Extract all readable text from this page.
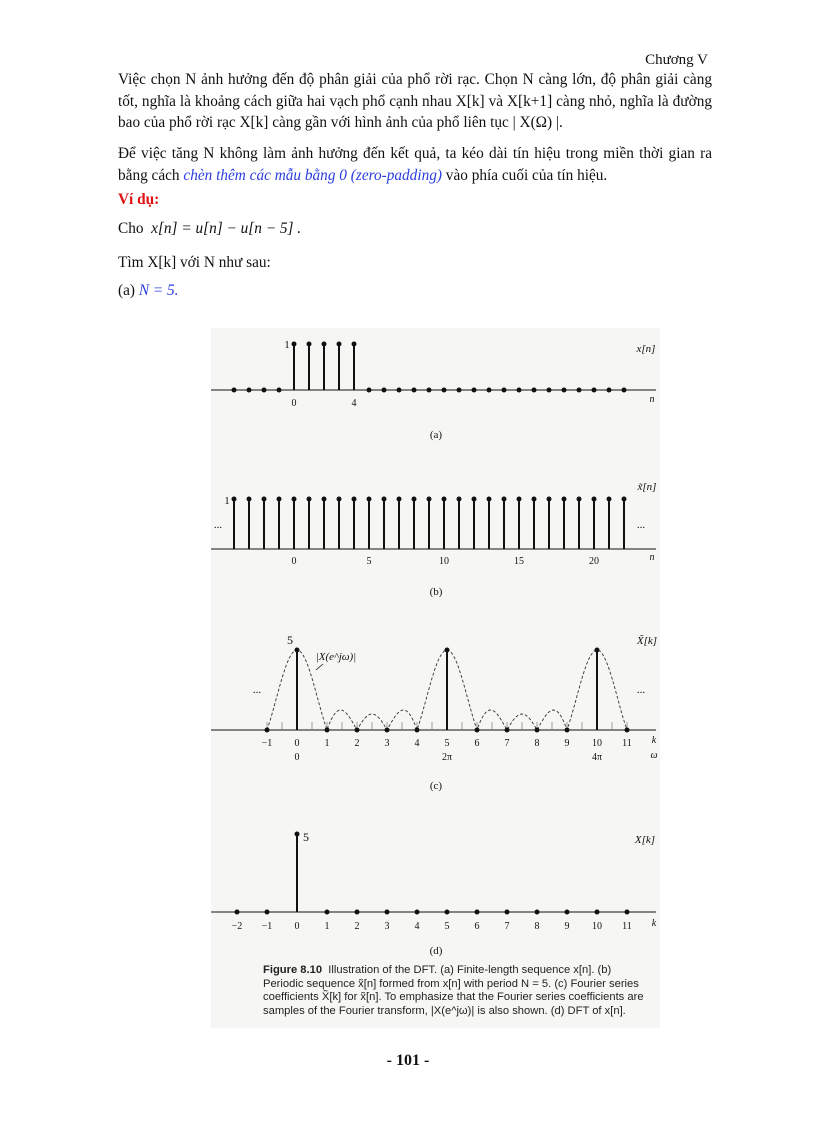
Chương V
Việc chọn N ảnh hưởng đến độ phân giải của phổ rời rạc. Chọn N càng lớn, độ phân giải càng tốt, nghĩa là khoảng cách giữa hai vạch phổ cạnh nhau X[k] và X[k+1] càng nhỏ, nghĩa là đường bao của phổ rời rạc X[k] càng gần với hình ảnh của phổ liên tục | X(Ω) |.
Để việc tăng N không làm ảnh hưởng đến kết quả, ta kéo dài tín hiệu trong miền thời gian ra bằng cách chèn thêm các mẫu bằng 0 (zero-padding) vào phía cuối của tín hiệu.
Ví dụ:
Cho x[n] = u[n] − u[n − 5] .
Tìm X[k] với N như sau:
(a) N = 5.
1
0	4
x[n]
n
(a)
1
0	5	10	15	20
...	...
x̃[n]
n
(b)
−1 0	1	2	3	4	5	6	7	8	9 10 11
0	2π	4π
5
|X(e^jω)|
...	...
X̃[k]
k
ω
(c)
−2 −1 0	1	2	3	4	5	6	7	8	9 10 11
5	X[k]
k
(d)
Figure 8.10 Illustration of the DFT. (a) Finite-length sequence x[n]. (b) Periodic sequence x̃[n] formed from x[n] with period N = 5. (c) Fourier series coefficients X̃[k] for x̃[n]. To emphasize that the Fourier series coefficients are samples of the Fourier transform, |X(e^jω)| is also shown. (d) DFT of x[n].
- 101 -
